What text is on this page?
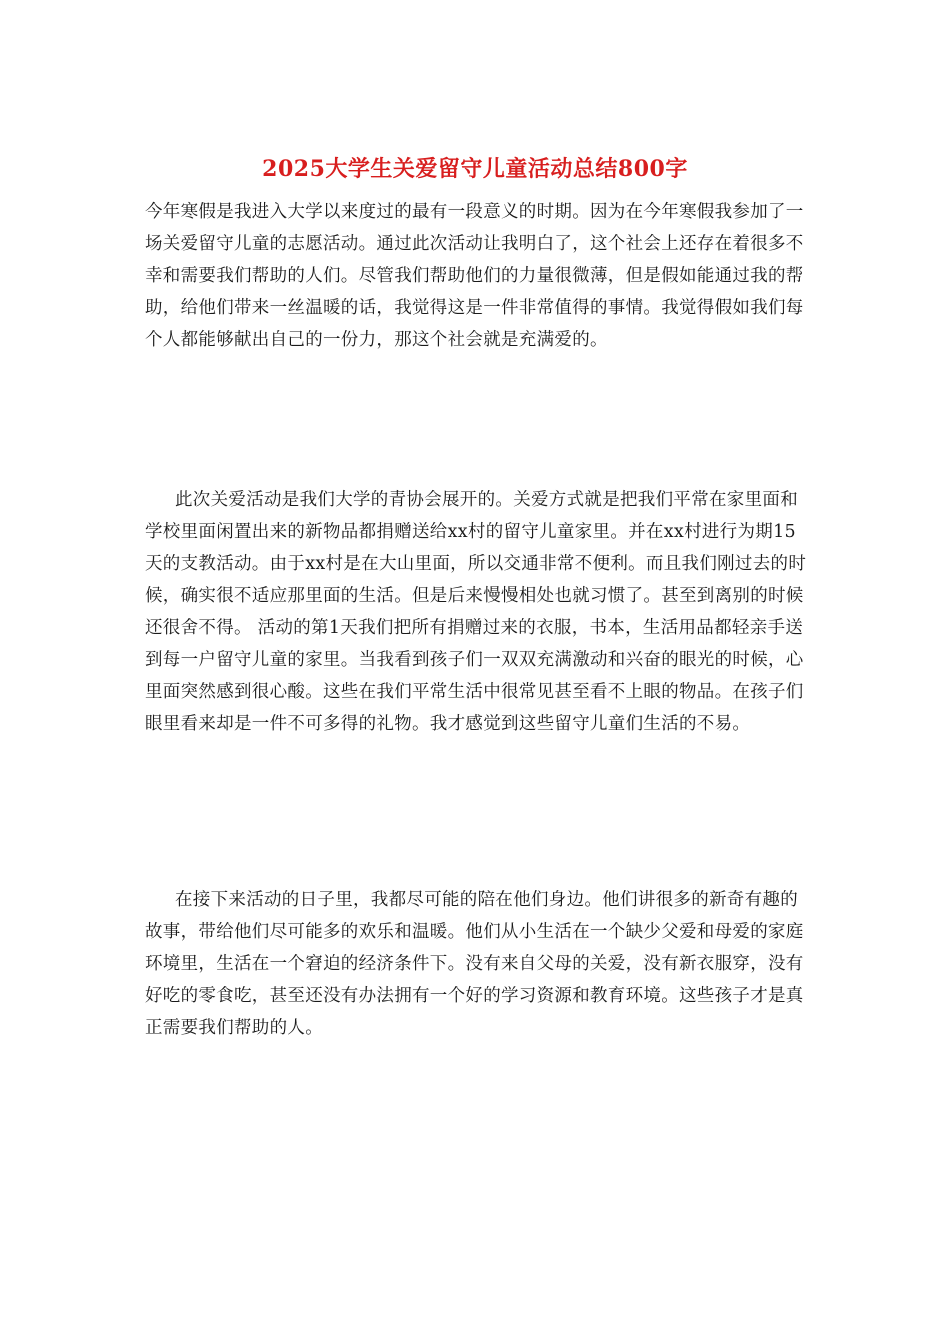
2025大学生关爱留守儿童活动总结800字

今年寒假是我进入大学以来度过的最有一段意义的时期。因为在今年寒假我参加了一场关爱留守儿童的志愿活动。通过此次活动让我明白了，这个社会上还存在着很多不幸和需要我们帮助的人们。尽管我们帮助他们的力量很微薄，但是假如能通过我的帮助，给他们带来一丝温暖的话，我觉得这是一件非常值得的事情。我觉得假如我们每个人都能够献出自己的一份力，那这个社会就是充满爱的。

此次关爱活动是我们大学的青协会展开的。关爱方式就是把我们平常在家里面和学校里面闲置出来的新物品都捐赠送给xx村的留守儿童家里。并在xx村进行为期15天的支教活动。由于xx村是在大山里面，所以交通非常不便利。而且我们刚过去的时候，确实很不适应那里面的生活。但是后来慢慢相处也就习惯了。甚至到离别的时候还很舍不得。 活动的第1天我们把所有捐赠过来的衣服，书本，生活用品都轻亲手送到每一户留守儿童的家里。当我看到孩子们一双双充满激动和兴奋的眼光的时候，心里面突然感到很心酸。这些在我们平常生活中很常见甚至看不上眼的物品。在孩子们眼里看来却是一件不可多得的礼物。我才感觉到这些留守儿童们生活的不易。

在接下来活动的日子里，我都尽可能的陪在他们身边。他们讲很多的新奇有趣的故事，带给他们尽可能多的欢乐和温暖。他们从小生活在一个缺少父爱和母爱的家庭环境里，生活在一个窘迫的经济条件下。没有来自父母的关爱，没有新衣服穿，没有好吃的零食吃，甚至还没有办法拥有一个好的学习资源和教育环境。这些孩子才是真正需要我们帮助的人。
